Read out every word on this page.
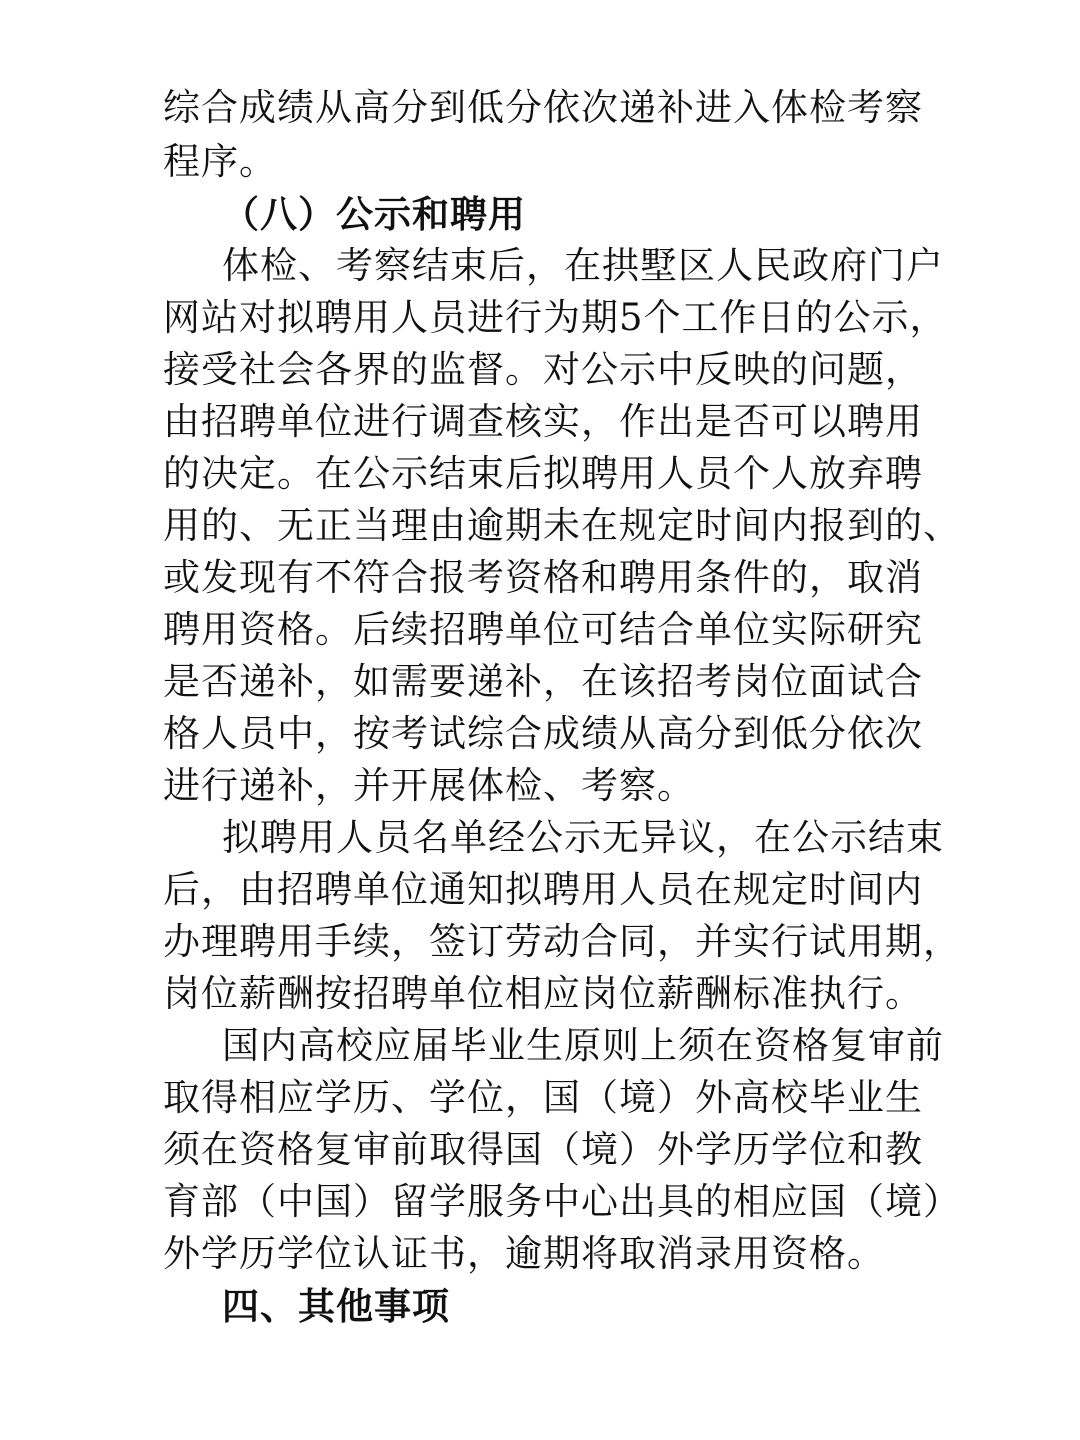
综合成绩从高分到低分依次递补进入体检考察
程序。
（八）公示和聘用
体检、考察结束后，在拱墅区人民政府门户
网站对拟聘用人员进行为期5个工作日的公示，
接受社会各界的监督。对公示中反映的问题，
由招聘单位进行调查核实，作出是否可以聘用
的决定。在公示结束后拟聘用人员个人放弃聘
用的、无正当理由逾期未在规定时间内报到的、
或发现有不符合报考资格和聘用条件的，取消
聘用资格。后续招聘单位可结合单位实际研究
是否递补，如需要递补，在该招考岗位面试合
格人员中，按考试综合成绩从高分到低分依次
进行递补，并开展体检、考察。
拟聘用人员名单经公示无异议，在公示结束
后，由招聘单位通知拟聘用人员在规定时间内
办理聘用手续，签订劳动合同，并实行试用期，
岗位薪酬按招聘单位相应岗位薪酬标准执行。
国内高校应届毕业生原则上须在资格复审前
取得相应学历、学位，国（境）外高校毕业生
须在资格复审前取得国（境）外学历学位和教
育部（中国）留学服务中心出具的相应国（境）
外学历学位认证书，逾期将取消录用资格。
四、其他事项
